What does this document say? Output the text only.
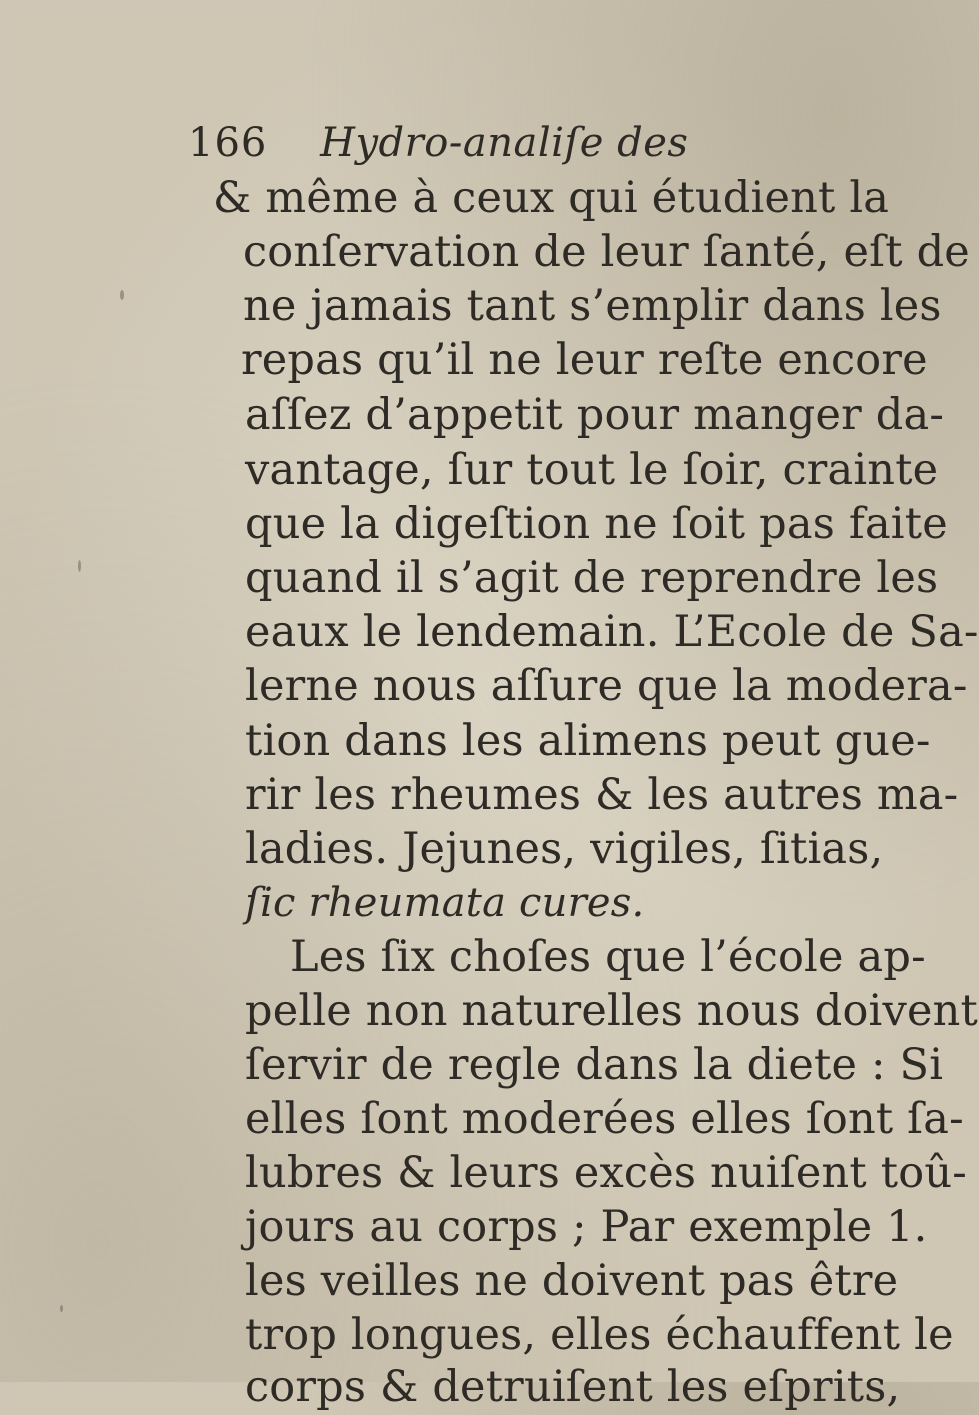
166 Hydro-analiſe des
& même à ceux qui étudient la
conſervation de leur ſanté, eſt de
ne jamais tant s’emplir dans les
repas qu’il ne leur reſte encore
aſſez d’appetit pour manger da-
vantage, ſur tout le ſoir, crainte
que la digeſtion ne ſoit pas faite
quand il s’agit de reprendre les
eaux le lendemain. L’Ecole de Sa-
lerne nous aſſure que la modera-
tion dans les alimens peut gue-
rir les rheumes & les autres ma-
ladies. Jejunes, vigiles, ſitias,
ſic rheumata cures.
Les ſix choſes que l’école ap-
pelle non naturelles nous doivent
ſervir de regle dans la diete : Si
elles ſont moderées elles ſont ſa-
lubres & leurs excès nuiſent toû-
jours au corps ; Par exemple 1.
les veilles ne doivent pas être
trop longues, elles échauffent le
corps & detruiſent les eſprits,
